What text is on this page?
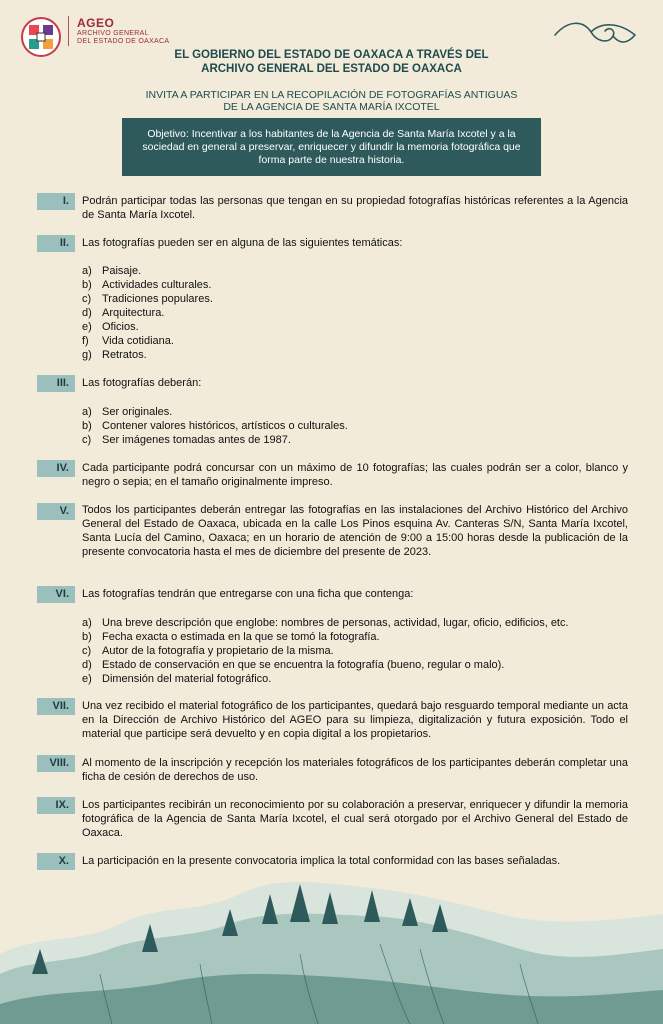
AGEO
ARCHIVO GENERAL
DEL ESTADO DE OAXACA
EL GOBIERNO DEL ESTADO DE OAXACA A TRAVÉS DEL
ARCHIVO GENERAL DEL ESTADO DE OAXACA
INVITA A PARTICIPAR EN LA RECOPILACIÓN DE FOTOGRAFÍAS ANTIGUAS
DE LA AGENCIA DE SANTA MARÍA IXCOTEL
Objetivo: Incentivar a los habitantes de la Agencia de Santa María Ixcotel y a la sociedad en general a preservar, enriquecer y difundir la memoria fotográfica que forma parte de nuestra historia.
I.	Podrán participar todas las personas que tengan en su propiedad fotografías históricas referentes a la Agencia de Santa María Ixcotel.
II.	Las fotografías pueden ser en alguna de las siguientes temáticas:
a) Paisaje.
b) Actividades culturales.
c) Tradiciones populares.
d) Arquitectura.
e) Oficios.
f) Vida cotidiana.
g) Retratos.
III.	Las fotografías deberán:
a) Ser originales.
b) Contener valores históricos, artísticos o culturales.
c) Ser imágenes tomadas antes de 1987.
IV.	Cada participante podrá concursar con un máximo de 10 fotografías; las cuales podrán ser a color, blanco y negro o sepia; en el tamaño originalmente impreso.
V.	Todos los participantes deberán entregar las fotografías en las instalaciones del Archivo Histórico del Archivo General del Estado de Oaxaca, ubicada en la calle Los Pinos esquina Av. Canteras S/N, Santa María Ixcotel, Santa Lucía del Camino, Oaxaca; en un horario de atención de 9:00 a 15:00 horas desde la publicación de la presente convocatoria hasta el mes de diciembre del presente de 2023.
VI.	Las fotografías tendrán que entregarse con una ficha que contenga:
a) Una breve descripción que englobe: nombres de personas, actividad, lugar, oficio, edificios, etc.
b) Fecha exacta o estimada en la que se tomó la fotografía.
c) Autor de la fotografía y propietario de la misma.
d) Estado de conservación en que se encuentra la fotografía (bueno, regular o malo).
e) Dimensión del material fotográfico.
VII.	Una vez recibido el material fotográfico de los participantes, quedará bajo resguardo temporal mediante un acta en la Dirección de Archivo Histórico del AGEO para su limpieza, digitalización y futura exposición. Todo el material que participe será devuelto y en copia digital a los propietarios.
VIII.	Al momento de la inscripción y recepción los materiales fotográficos de los participantes deberán completar una ficha de cesión de derechos de uso.
IX.	Los participantes recibirán un reconocimiento por su colaboración a preservar, enriquecer y difundir la memoria fotográfica de la Agencia de Santa María Ixcotel, el cual será otorgado por el Archivo General del Estado de Oaxaca.
X.	La participación en la presente convocatoria implica la total conformidad con las bases señaladas.
